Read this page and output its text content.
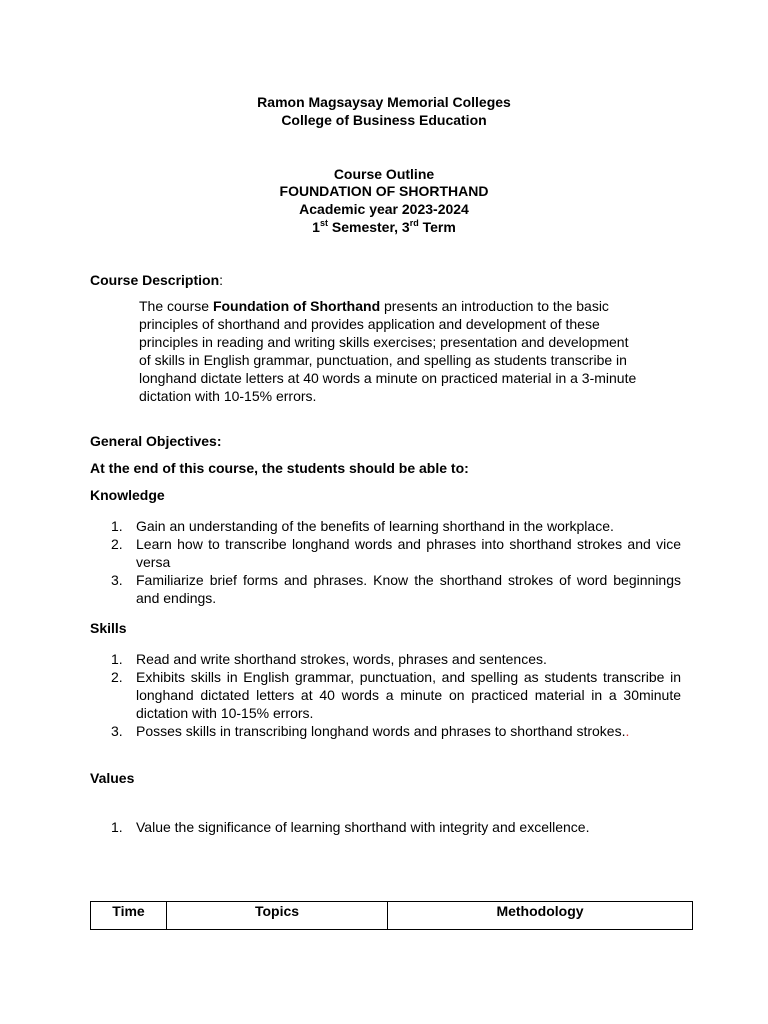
Ramon Magsaysay Memorial Colleges
College of Business Education
Course Outline
FOUNDATION OF SHORTHAND
Academic year 2023-2024
1st Semester, 3rd Term
Course Description:
The course Foundation of Shorthand presents an introduction to the basic
principles of shorthand and provides application and development of these
principles in reading and writing skills exercises; presentation and development
of skills in English grammar, punctuation, and spelling as students transcribe in
longhand dictate letters at 40 words a minute on practiced material in a 3-minute
dictation with 10-15% errors.
General Objectives:
At the end of this course, the students should be able to:
Knowledge
1. Gain an understanding of the benefits of learning shorthand in the workplace.
2. Learn how to transcribe longhand words and phrases into shorthand strokes and vice versa
3. Familiarize brief forms and phrases. Know the shorthand strokes of word beginnings and endings.
Skills
1. Read and write shorthand strokes, words, phrases and sentences.
2. Exhibits skills in English grammar, punctuation, and spelling as students transcribe in longhand dictated letters at 40 words a minute on practiced material in a 30minute dictation with 10-15% errors.
3. Posses skills in transcribing longhand words and phrases to shorthand strokes..
Values
1. Value the significance of learning shorthand with integrity and excellence.
Time	Topics	Methodology
